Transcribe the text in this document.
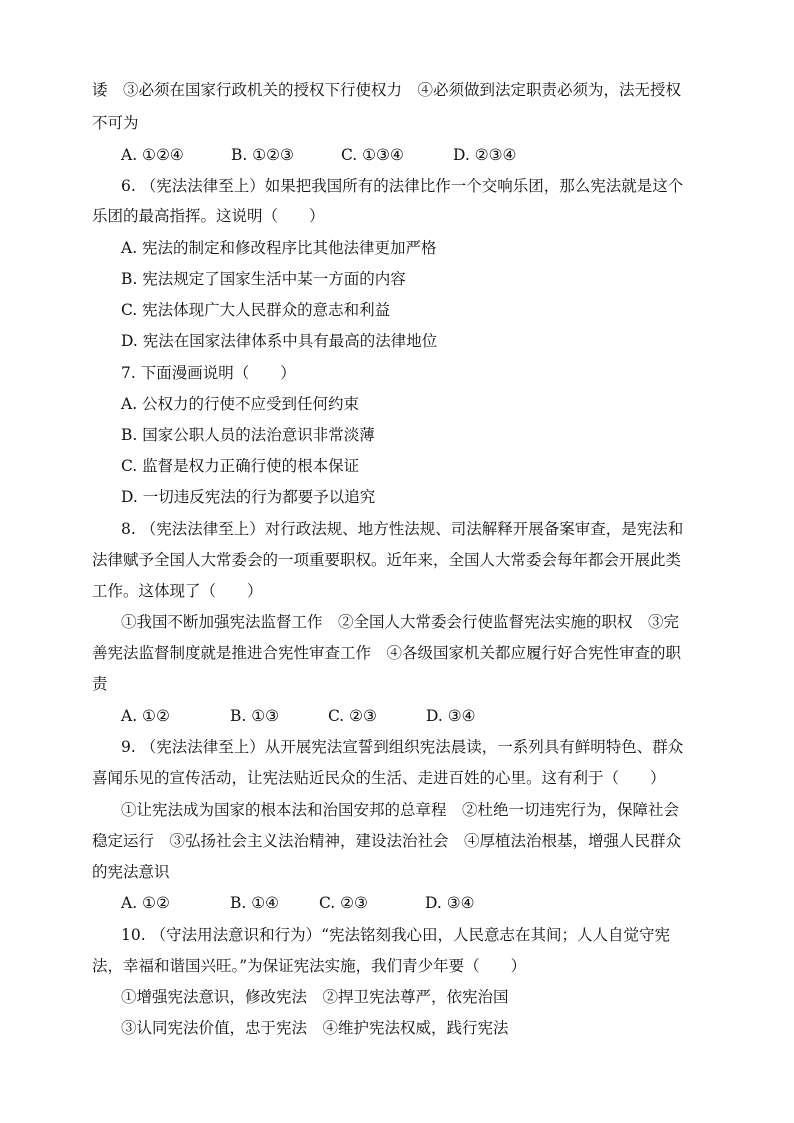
诿　③必须在国家行政机关的授权下行使权力　④必须做到法定职责必须为，法无授权
不可为
A. ①②④	B. ①②③	C. ①③④	D. ②③④
6. （宪法法律至上）如果把我国所有的法律比作一个交响乐团，那么宪法就是这个
乐团的最高指挥。这说明（　　）
A. 宪法的制定和修改程序比其他法律更加严格
B. 宪法规定了国家生活中某一方面的内容
C. 宪法体现广大人民群众的意志和利益
D. 宪法在国家法律体系中具有最高的法律地位
7. 下面漫画说明（　　）
A. 公权力的行使不应受到任何约束
B. 国家公职人员的法治意识非常淡薄
C. 监督是权力正确行使的根本保证
D. 一切违反宪法的行为都要予以追究
8. （宪法法律至上）对行政法规、地方性法规、司法解释开展备案审查，是宪法和
法律赋予全国人大常委会的一项重要职权。近年来，全国人大常委会每年都会开展此类
工作。这体现了（　　）
①我国不断加强宪法监督工作　②全国人大常委会行使监督宪法实施的职权　③完
善宪法监督制度就是推进合宪性审查工作　④各级国家机关都应履行好合宪性审查的职
责
A. ①②	B. ①③	C. ②③	D. ③④
9. （宪法法律至上）从开展宪法宣誓到组织宪法晨读，一系列具有鲜明特色、群众
喜闻乐见的宣传活动，让宪法贴近民众的生活、走进百姓的心里。这有利于（　　）
①让宪法成为国家的根本法和治国安邦的总章程　②杜绝一切违宪行为，保障社会
稳定运行　③弘扬社会主义法治精神，建设法治社会　④厚植法治根基，增强人民群众
的宪法意识
A. ①②	B. ①④	C. ②③	D. ③④
10. （守法用法意识和行为）“宪法铭刻我心田，人民意志在其间；人人自觉守宪
法，幸福和谐国兴旺。”为保证宪法实施，我们青少年要（　　）
①增强宪法意识，修改宪法　②捍卫宪法尊严，依宪治国
③认同宪法价值，忠于宪法　④维护宪法权威，践行宪法
